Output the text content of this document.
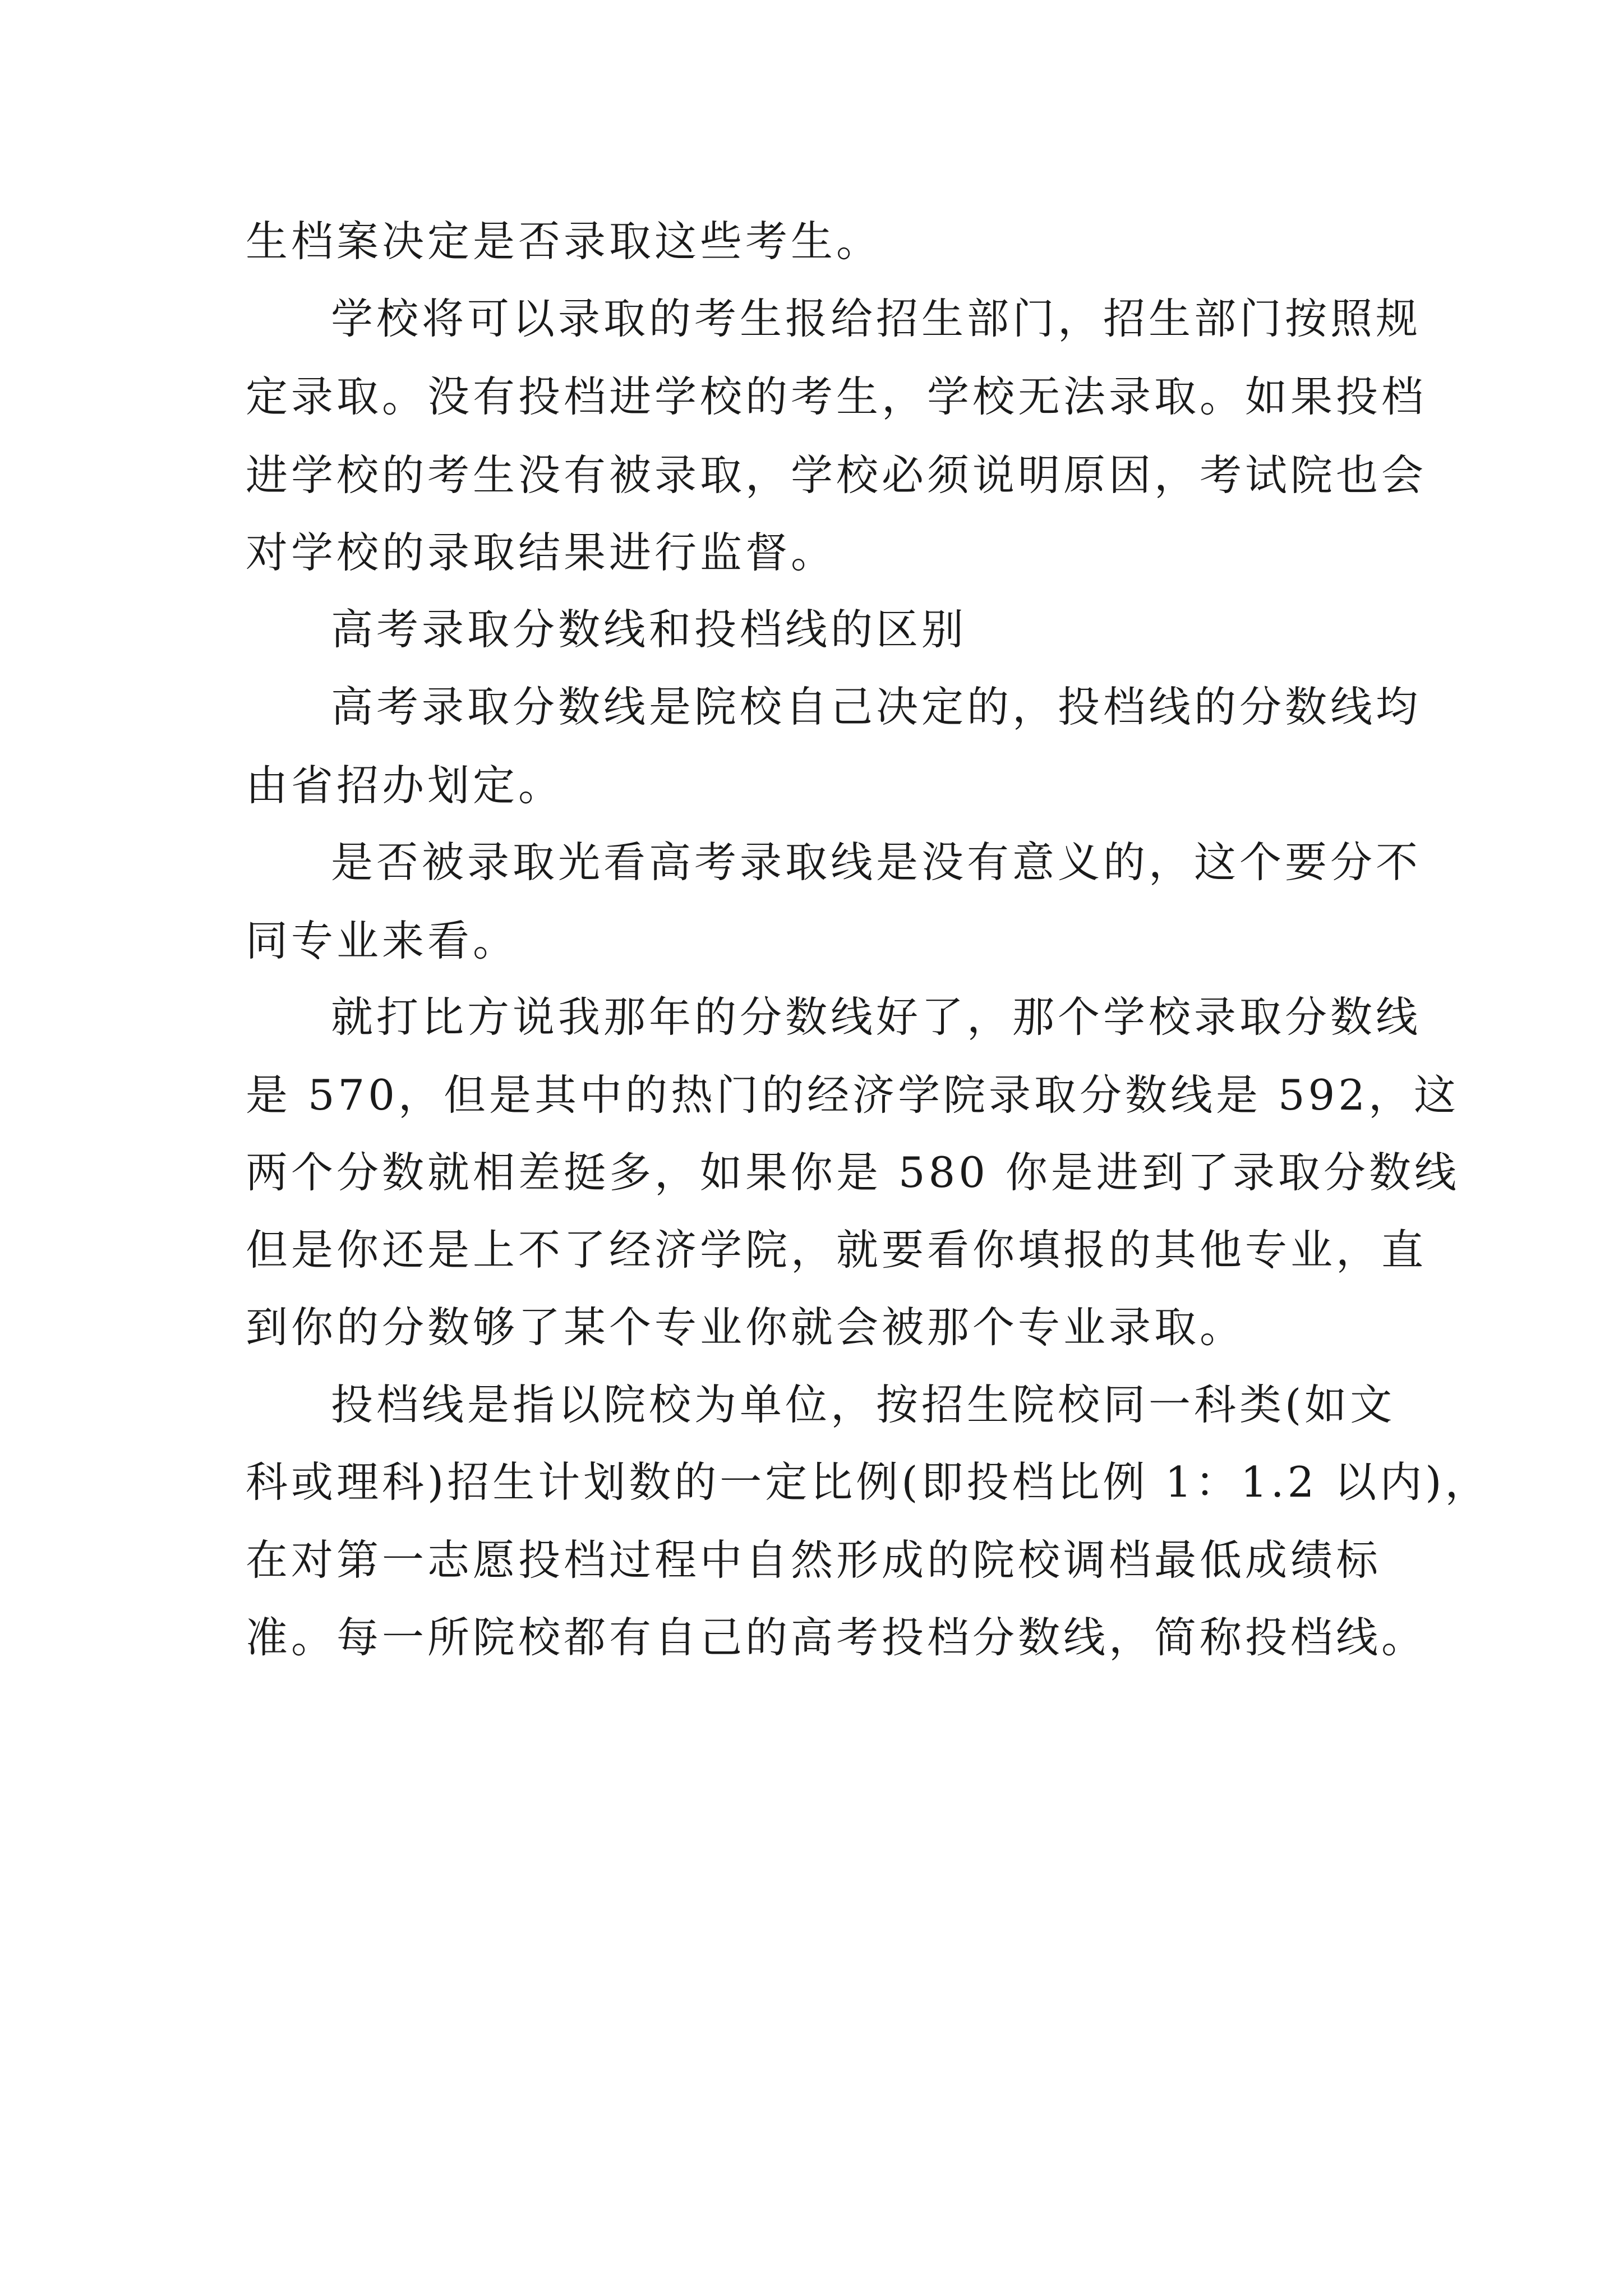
生档案决定是否录取这些考生。
学校将可以录取的考生报给招生部门，招生部门按照规
定录取。没有投档进学校的考生，学校无法录取。如果投档
进学校的考生没有被录取，学校必须说明原因，考试院也会
对学校的录取结果进行监督。
高考录取分数线和投档线的区别
高考录取分数线是院校自己决定的，投档线的分数线均
由省招办划定。
是否被录取光看高考录取线是没有意义的，这个要分不
同专业来看。
就打比方说我那年的分数线好了，那个学校录取分数线
是 570，但是其中的热门的经济学院录取分数线是 592，这
两个分数就相差挺多，如果你是 580 你是进到了录取分数线
但是你还是上不了经济学院，就要看你填报的其他专业，直
到你的分数够了某个专业你就会被那个专业录取。
投档线是指以院校为单位，按招生院校同一科类(如文
科或理科)招生计划数的一定比例(即投档比例 1：1.2 以内)，
在对第一志愿投档过程中自然形成的院校调档最低成绩标
准。每一所院校都有自己的高考投档分数线，简称投档线。
